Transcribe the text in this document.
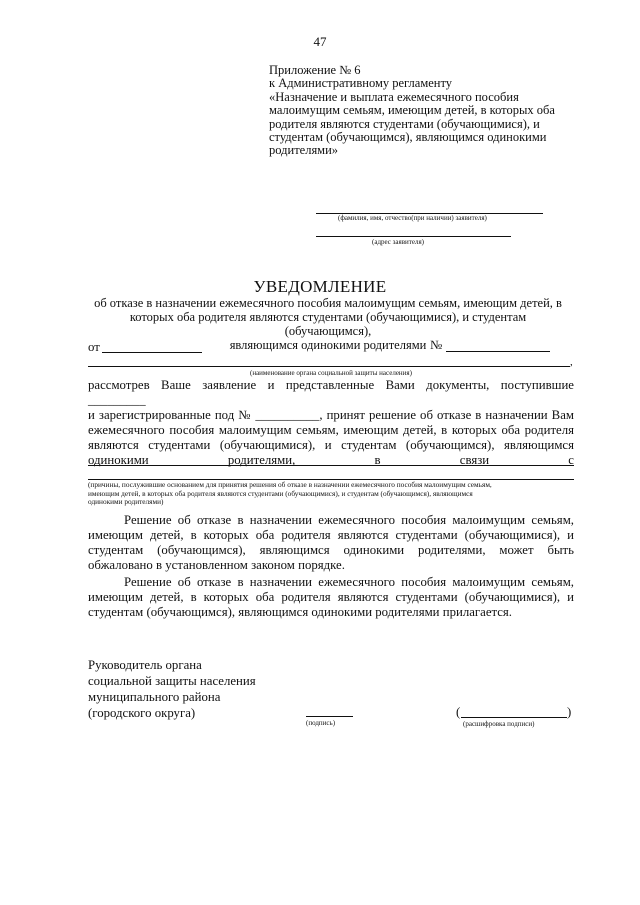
47
Приложение № 6
к Административному регламенту
«Назначение и выплата ежемесячного пособия
малоимущим семьям, имеющим детей, в которых оба
родителя являются студентами (обучающимися), и
студентам (обучающимся), являющимся одинокими
родителями»
(фамилия, имя, отчество(при наличии) заявителя)
(адрес заявителя)
УВЕДОМЛЕНИЕ
об отказе в назначении ежемесячного пособия малоимущим семьям, имеющим детей, в
которых оба родителя являются студентами (обучающимися), и студентам (обучающимся),
являющимся одинокими родителями
от	№
,
(наименование органа социальной защиты населения)
рассмотрев Ваше заявление и представленные Вами документы, поступившие _________
и зарегистрированные под № __________, принят решение об отказе в назначении Вам
ежемесячного пособия малоимущим семьям, имеющим детей, в которых оба родителя
являются студентами (обучающимися), и студентам (обучающимся), являющимся
одинокими родителями, в связи с
(причины, послужившие основанием для принятия решения об отказе в назначении ежемесячного пособия малоимущим семьям,
имеющим детей, в которых оба родителя являются студентами (обучающимися), и студентам (обучающимся), являющимся
одинокими родителями)
Решение об отказе в назначении ежемесячного пособия малоимущим семьям,
имеющим детей, в которых оба родителя являются студентами (обучающимися), и
студентам (обучающимся), являющимся одинокими родителями, может быть
обжаловано в установленном законом порядке.
Решение об отказе в назначении ежемесячного пособия малоимущим семьям,
имеющим детей, в которых оба родителя являются студентами (обучающимися), и
студентам (обучающимся), являющимся одинокими родителями прилагается.
Руководитель органа
социальной защиты населения
муниципального района
(городского округа)
(подпись)
(	)
(расшифровка подписи)
